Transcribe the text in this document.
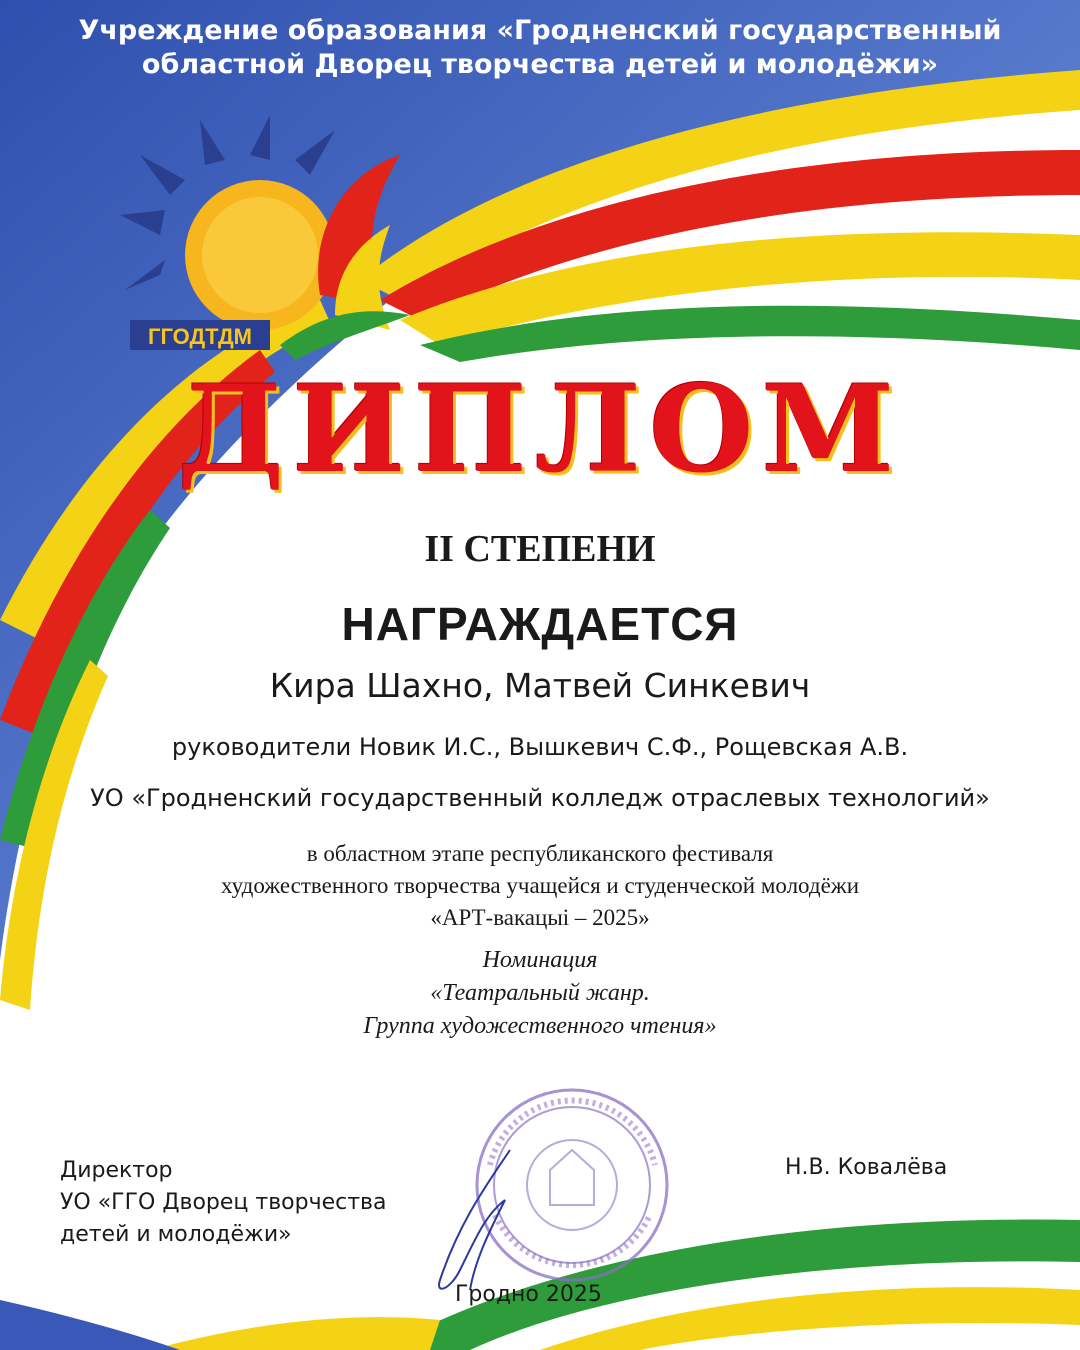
ГГОДТДМ
Учреждение образования «Гродненский государственный
областной Дворец творчества детей и молодёжи»
ДИПЛОМ
II СТЕПЕНИ
НАГРАЖДАЕТСЯ
Кира Шахно, Матвей Синкевич
руководители Новик И.С., Вышкевич С.Ф., Рощевская А.В.
УО «Гродненский государственный колледж отраслевых технологий»
в областном этапе республиканского фестиваля
художественного творчества учащейся и студенческой молодёжи
«АРТ-вакацыі – 2025»
Номинация
«Театральный жанр.
Группа художественного чтения»
Директор
УО «ГГО Дворец творчества
детей и молодёжи»
Н.В. Ковалёва
Гродно 2025
